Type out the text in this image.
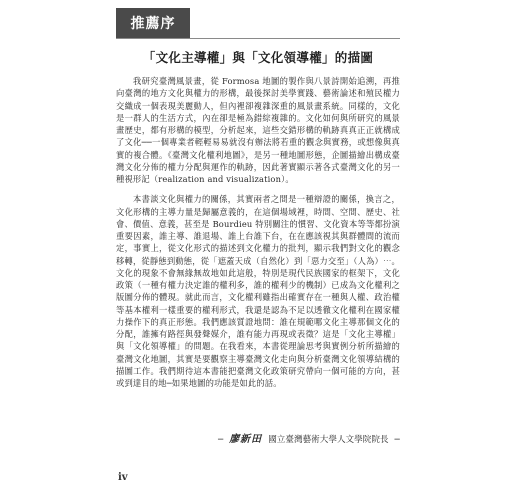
推薦序
「文化主導權」與「文化領導權」的描圖

我研究臺灣風景畫，從 Formosa 地圖的製作與八景詩開始追溯，再推向臺灣的地方文化與權力的形構，最後探討美學實踐、藝術論述和殖民權力交織成一個表現美麗動人，但內裡卻複雜深重的風景畫系統。同樣的，文化是一群人的生活方式，內在卻是極為錯綜複雜的。文化如何與所研究的風景畫歷史，都有形構的模型，分析起來，這些交錯形構的軌跡真真正正就構成了文化──一個專業者輕輕易易就沒有辦法將若重的觀念與實務，或想像與真實的複合體。《臺灣文化權利地圖》，是另一種地圖形態，企圖描繪出構成臺灣文化分佈的權力分配與運作的軌跡，因此著實顯示著各式臺灣文化的另一種視形記（realization and visualization）。

本書談文化與權力的關係，其實兩者之間是一種辯證的關係，換言之，文化形構的主導力量是歸屬意義的，在這個場域裡，時間、空間、歷史、社會、價值、意義，甚至是 Bourdieu 特別關注的慣習、文化資本等等都扮演重要因素，誰主導、誰退場、誰上台誰下台，在在應該視其與群體間的流而定，事實上，從文化形式的描述到文化權力的批判，顯示我們對文化的觀念移轉，從靜態到動態，從「遮蓋天成（自然化）到「惡力交至」（人為）⋯。文化的現象不會無緣無故地如此這般，特別是現代民族國家的框架下，文化政策（一種有權力決定誰的權利多，誰的權利少的機制）已成為文化權利之版圖分佈的體現。就此而言，文化權利雖指出確實存在一種與人權、政治權等基本權利一樣重要的權利形式，我還是認為不足以透徹文化權利在國家權力操作下的真正形態。我們應該質證地問：誰在規範哪文化主導那個文化的分配，誰擁有路徑與發聲媒介，誰有能力再現或表徵？這是「文化主導權」與「文化領導權」的問題。在我看來，本書從理論思考與實例分析所描繪的臺灣文化地圖，其實是要觀察主導臺灣文化走向與分析臺灣文化領導結構的描圖工作。我們期待這本書能把臺灣文化政策研究帶向一個可能的方向，甚或到達目的地─如果地圖的功能是如此的話。

─ 廖新田 國立臺灣藝術大學人文學院院長 ─
iv
